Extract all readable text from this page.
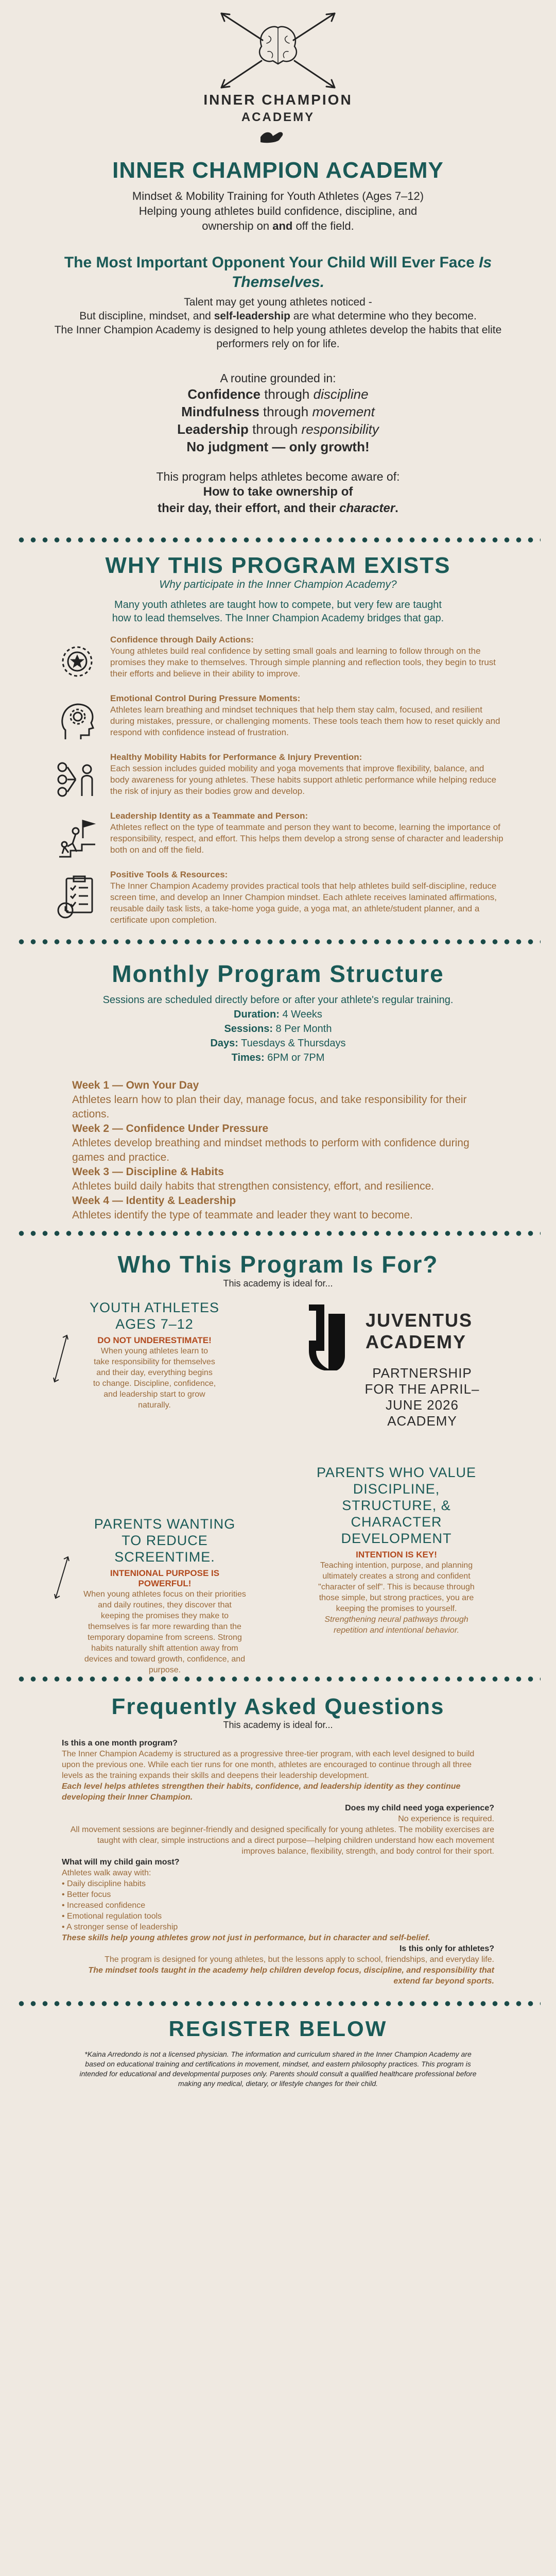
INNER CHAMPION
ACADEMY
INNER CHAMPION ACADEMY
Mindset & Mobility Training for Youth Athletes (Ages 7–12)
Helping young athletes build confidence, discipline, and ownership on and off the field.
The Most Important Opponent Your Child Will Ever Face Is Themselves.
Talent may get young athletes noticed -
But discipline, mindset, and self-leadership are what determine who they become.
The Inner Champion Academy is designed to help young athletes develop the habits that elite performers rely on for life.
A routine grounded in:
Confidence through discipline
Mindfulness through movement
Leadership through responsibility
No judgment — only growth!
This program helps athletes become aware of:
How to take ownership of
their day, their effort, and their character.
WHY THIS PROGRAM EXISTS
Why participate in the Inner Champion Academy?
Many youth athletes are taught how to compete, but very few are taught how to lead themselves. The Inner Champion Academy bridges that gap.
Confidence through Daily Actions:
Young athletes build real confidence by setting small goals and learning to follow through on the promises they make to themselves. Through simple planning and reflection tools, they begin to trust their efforts and believe in their ability to improve.
Emotional Control During Pressure Moments:
Athletes learn breathing and mindset techniques that help them stay calm, focused, and resilient during mistakes, pressure, or challenging moments. These tools teach them how to reset quickly and respond with confidence instead of frustration.
Healthy Mobility Habits for Performance & Injury Prevention:
Each session includes guided mobility and yoga movements that improve flexibility, balance, and body awareness for young athletes. These habits support athletic performance while helping reduce the risk of injury as their bodies grow and develop.
Leadership Identity as a Teammate and Person:
Athletes reflect on the type of teammate and person they want to become, learning the importance of responsibility, respect, and effort. This helps them develop a strong sense of character and leadership both on and off the field.
Positive Tools & Resources:
The Inner Champion Academy provides practical tools that help athletes build self-discipline, reduce screen time, and develop an Inner Champion mindset. Each athlete receives laminated affirmations, reusable daily task lists, a take-home yoga guide, a yoga mat, an athlete/student planner, and a certificate upon completion.
Monthly Program Structure
Sessions are scheduled directly before or after your athlete's regular training.
Duration: 4 Weeks
Sessions: 8 Per Month
Days: Tuesdays & Thursdays
Times: 6PM or 7PM
Week 1 — Own Your Day
Athletes learn how to plan their day, manage focus, and take responsibility for their actions.
Week 2 — Confidence Under Pressure
Athletes develop breathing and mindset methods to perform with confidence during games and practice.
Week 3 — Discipline & Habits
Athletes build daily habits that strengthen consistency, effort, and resilience.
Week 4 — Identity & Leadership
Athletes identify the type of teammate and leader they want to become.
Who This Program Is For?
This academy is ideal for...
YOUTH ATHLETES AGES 7–12
DO NOT UNDERESTIMATE!
When young athletes learn to take responsibility for themselves and their day, everything begins to change. Discipline, confidence, and leadership start to grow naturally.
JUVENTUS
ACADEMY
PARTNERSHIP FOR THE APRIL–JUNE 2026 ACADEMY
PARENTS WANTING TO REDUCE SCREENTIME.
INTENIONAL PURPOSE IS POWERFUL!
When young athletes focus on their priorities and daily routines, they discover that keeping the promises they make to themselves is far more rewarding than the temporary dopamine from screens. Strong habits naturally shift attention away from devices and toward growth, confidence, and purpose.
PARENTS WHO VALUE DISCIPLINE, STRUCTURE, & CHARACTER DEVELOPMENT
INTENTION IS KEY!
Teaching intention, purpose, and planning ultimately creates a strong and confident "character of self". This is because through those simple, but strong practices, you are keeping the promises to yourself.
Strengthening neural pathways through repetition and intentional behavior.
Frequently Asked Questions
This academy is ideal for...
Is this a one month program?
The Inner Champion Academy is structured as a progressive three-tier program, with each level designed to build upon the previous one. While each tier runs for one month, athletes are encouraged to continue through all three levels as the training expands their skills and deepens their leadership development.
Each level helps athletes strengthen their habits, confidence, and leadership identity as they continue developing their Inner Champion.
Does my child need yoga experience?
No experience is required.
All movement sessions are beginner-friendly and designed specifically for young athletes. The mobility exercises are taught with clear, simple instructions and a direct purpose—helping children understand how each movement improves balance, flexibility, strength, and body control for their sport.
What will my child gain most?
Athletes walk away with:
• Daily discipline habits
• Better focus
• Increased confidence
• Emotional regulation tools
• A stronger sense of leadership
These skills help young athletes grow not just in performance, but in character and self-belief.
Is this only for athletes?
The program is designed for young athletes, but the lessons apply to school, friendships, and everyday life.
The mindset tools taught in the academy help children develop focus, discipline, and responsibility that extend far beyond sports.
REGISTER BELOW
*Kaina Arredondo is not a licensed physician. The information and curriculum shared in the Inner Champion Academy are based on educational training and certifications in movement, mindset, and eastern philosophy practices. This program is intended for educational and developmental purposes only. Parents should consult a qualified healthcare professional before making any medical, dietary, or lifestyle changes for their child.
